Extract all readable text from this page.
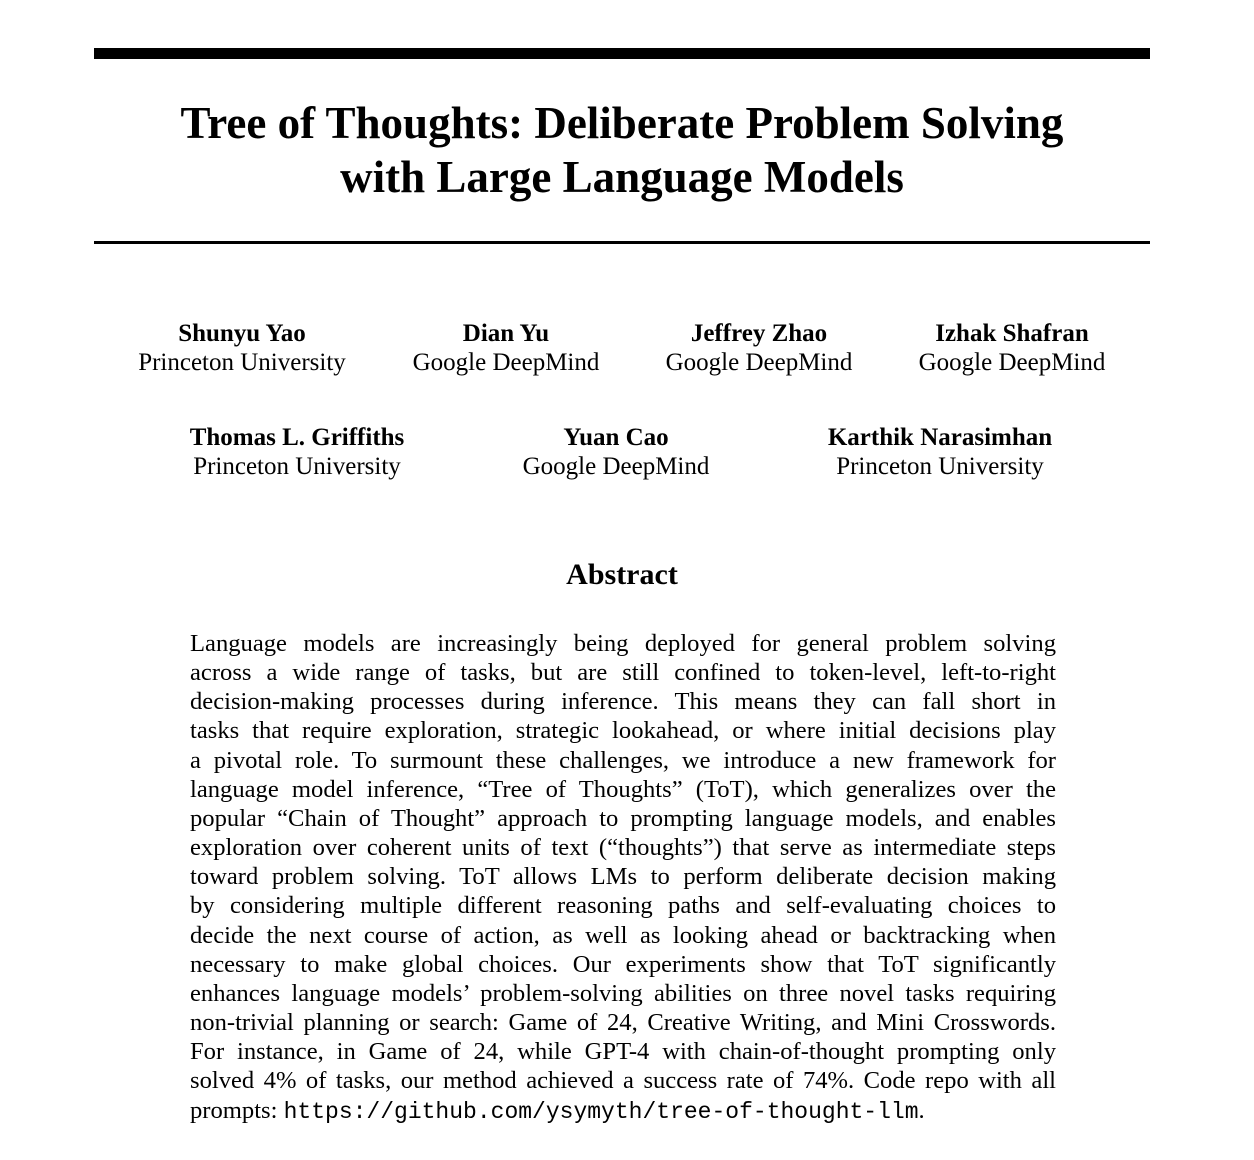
Tree of Thoughts: Deliberate Problem Solving
with Large Language Models
Shunyu Yao
Princeton University
Dian Yu
Google DeepMind
Jeffrey Zhao
Google DeepMind
Izhak Shafran
Google DeepMind
Thomas L. Griffiths
Princeton University
Yuan Cao
Google DeepMind
Karthik Narasimhan
Princeton University
Abstract
Language models are increasingly being deployed for general problem solving
across a wide range of tasks, but are still confined to token-level, left-to-right
decision-making processes during inference. This means they can fall short in
tasks that require exploration, strategic lookahead, or where initial decisions play
a pivotal role. To surmount these challenges, we introduce a new framework for
language model inference, “Tree of Thoughts” (ToT), which generalizes over the
popular “Chain of Thought” approach to prompting language models, and enables
exploration over coherent units of text (“thoughts”) that serve as intermediate steps
toward problem solving. ToT allows LMs to perform deliberate decision making
by considering multiple different reasoning paths and self-evaluating choices to
decide the next course of action, as well as looking ahead or backtracking when
necessary to make global choices. Our experiments show that ToT significantly
enhances language models’ problem-solving abilities on three novel tasks requiring
non-trivial planning or search: Game of 24, Creative Writing, and Mini Crosswords.
For instance, in Game of 24, while GPT-4 with chain-of-thought prompting only
solved 4% of tasks, our method achieved a success rate of 74%. Code repo with all
prompts: https://github.com/ysymyth/tree-of-thought-llm.
